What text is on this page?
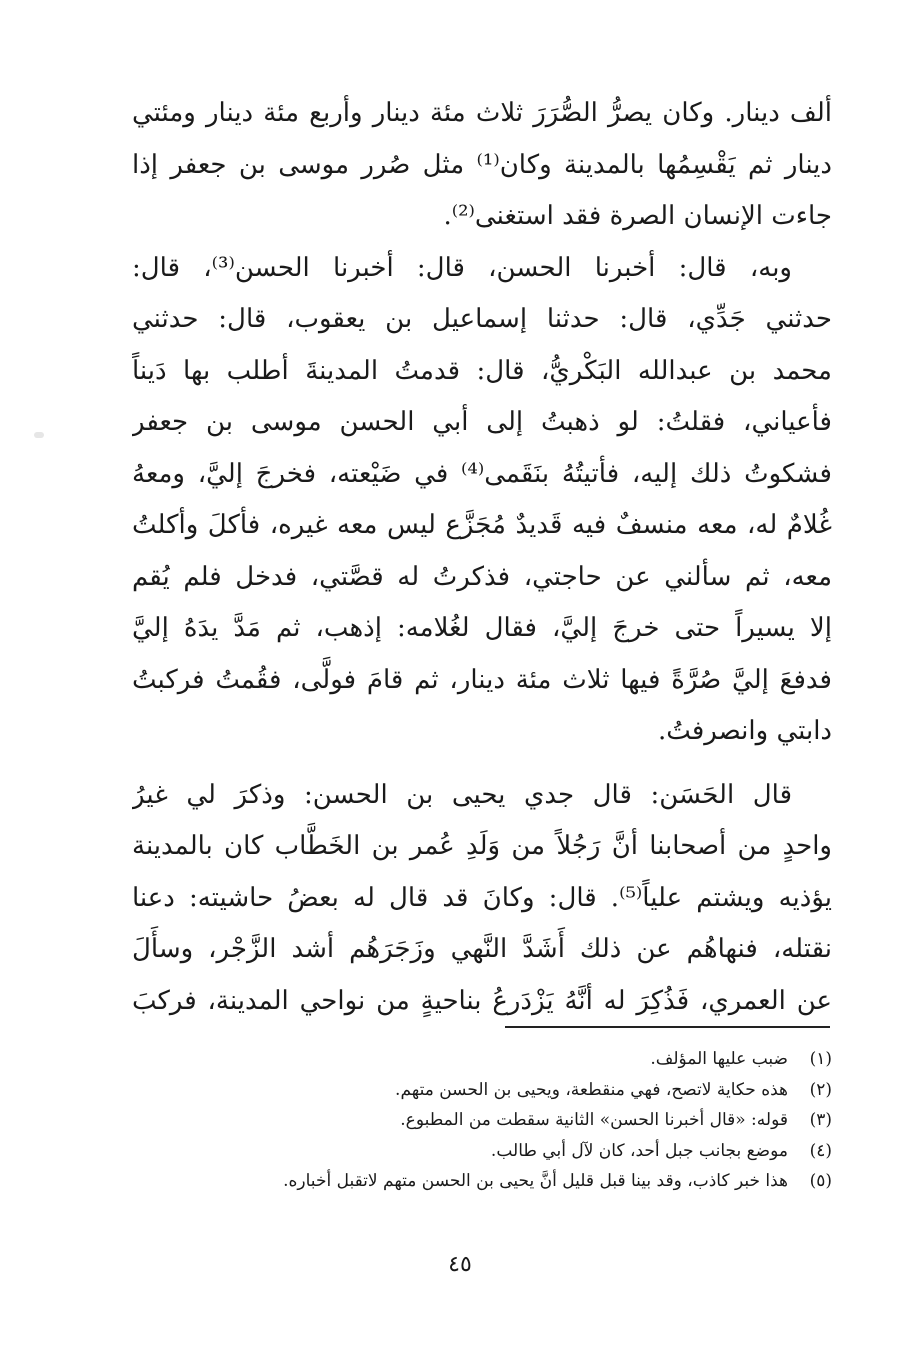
ألف دينار. وكان يصرُّ الصُّرَرَ ثلاث مئة دينار وأربع مئة دينار ومئتي
دينار ثم يَقْسِمُها بالمدينة وكان⁽¹⁾ مثل صُرر موسى بن جعفر إذا
جاءت الإنسان الصرة فقد استغنى⁽²⁾.
وبه، قال: أخبرنا الحسن، قال: أخبرنا الحسن⁽³⁾، قال:
حدثني جَدِّي، قال: حدثنا إسماعيل بن يعقوب، قال: حدثني
محمد بن عبدالله البَكْريُّ، قال: قدمتُ المدينةَ أطلب بها دَيناً
فأعياني، فقلتُ: لو ذهبتُ إلى أبي الحسن موسى بن جعفر
فشكوتُ ذلك إليه، فأتيتُهُ بنَقَمى⁽⁴⁾ في ضَيْعته، فخرجَ إليَّ، ومعهُ
غُلامٌ له، معه منسفٌ فيه قَديدٌ مُجَزَّع ليس معه غيره، فأكلَ وأكلتُ
معه، ثم سألني عن حاجتي، فذكرتُ له قصَّتي، فدخل فلم يُقم
إلا يسيراً حتى خرجَ إليَّ، فقال لغُلامه: إذهب، ثم مَدَّ يدَهُ إليَّ
فدفعَ إليَّ صُرَّةً فيها ثلاث مئة دينار، ثم قامَ فولَّى، فقُمتُ فركبتُ
دابتي وانصرفتُ.
قال الحَسَن: قال جدي يحيى بن الحسن: وذكرَ لي غيرُ
واحدٍ من أصحابنا أنَّ رَجُلاً من وَلَدِ عُمر بن الخَطَّاب كان بالمدينة
يؤذيه ويشتم علياً⁽⁵⁾. قال: وكانَ قد قال له بعضُ حاشيته: دعنا
نقتله، فنهاهُم عن ذلك أَشَدَّ النَّهي وزَجَرَهُم أشد الزَّجْر، وسأَلَ
عن العمري، فَذُكِرَ له أنَّهُ يَزْدَرعُ بناحيةٍ من نواحي المدينة، فركبَ
(١)ضبب عليها المؤلف.
(٢)هذه حكاية لاتصح، فهي منقطعة، ويحيى بن الحسن متهم.
(٣)قوله: «قال أخبرنا الحسن» الثانية سقطت من المطبوع.
(٤)موضع بجانب جبل أحد، كان لآل أبي طالب.
(٥)هذا خبر كاذب، وقد بينا قبل قليل أنَّ يحيى بن الحسن متهم لاتقبل أخباره.
٤٥
